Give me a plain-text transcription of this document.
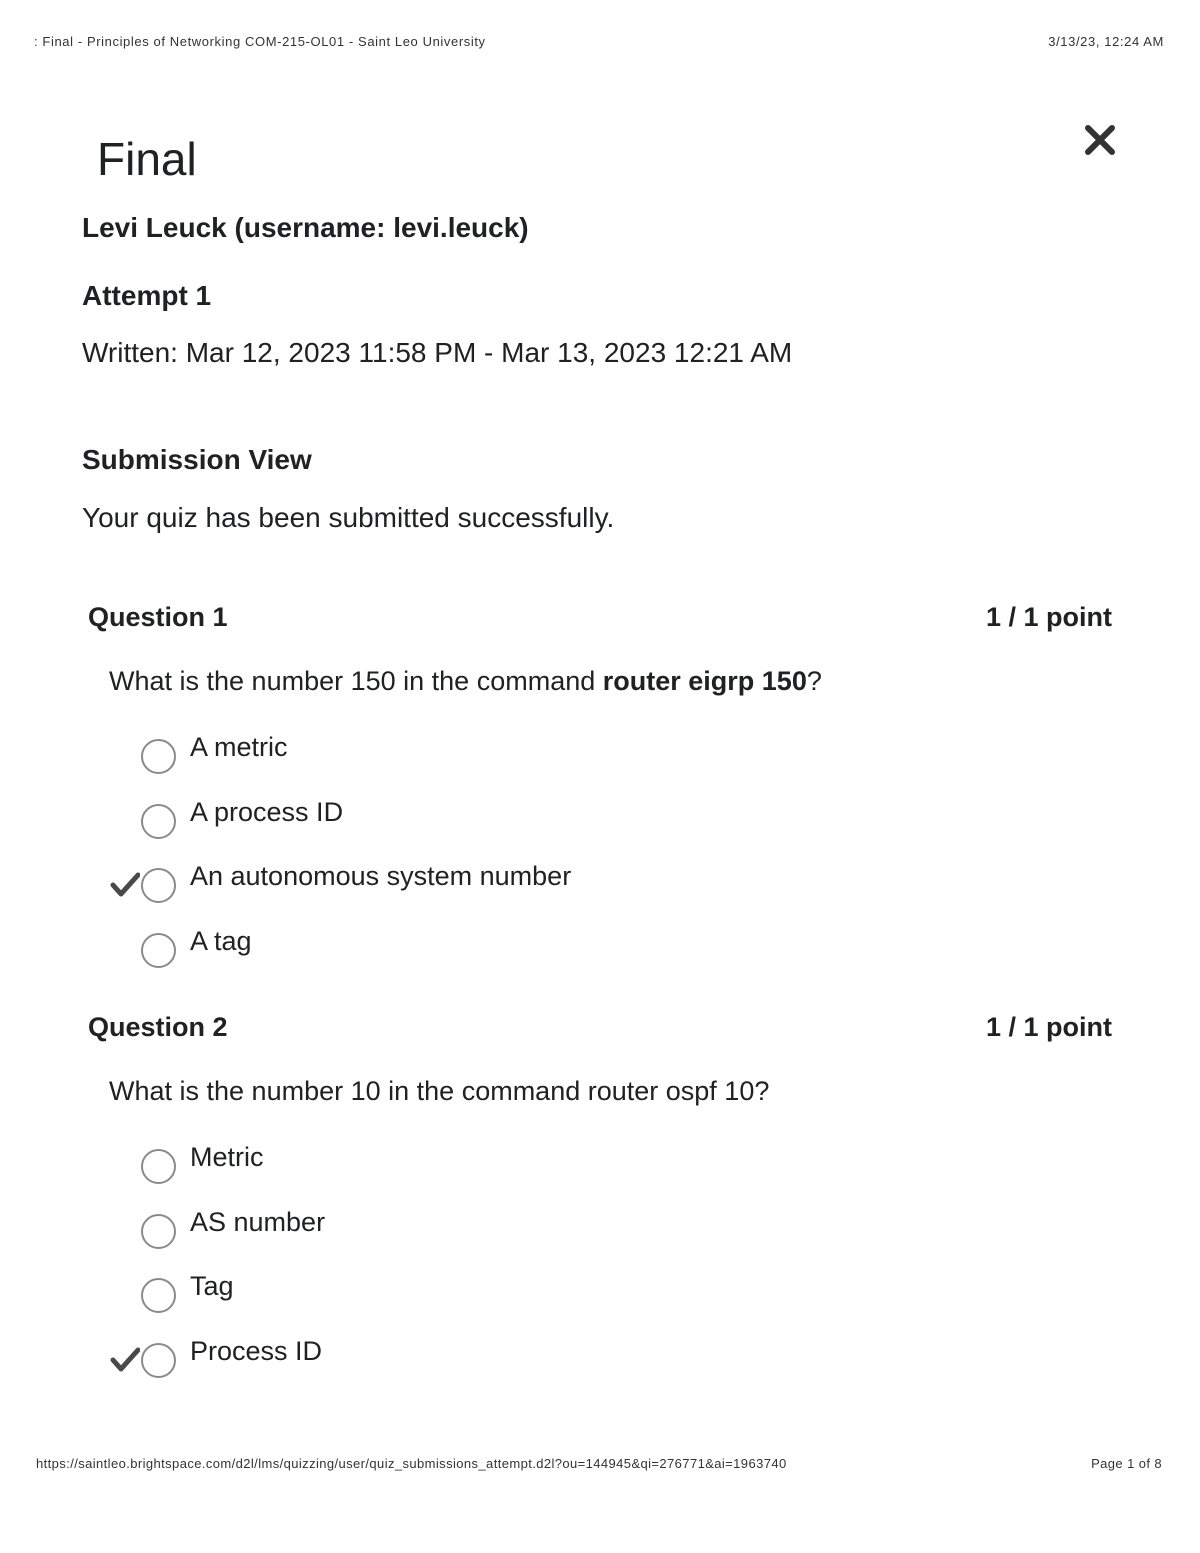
: Final - Principles of Networking COM-215-OL01 - Saint Leo University	3/13/23, 12:24 AM
Final
Levi Leuck (username: levi.leuck)
Attempt 1
Written: Mar 12, 2023 11:58 PM - Mar 13, 2023 12:21 AM
Submission View
Your quiz has been submitted successfully.
Question 1	1 / 1 point
What is the number 150 in the command router eigrp 150?
A metric
A process ID
An autonomous system number
A tag
Question 2	1 / 1 point
What is the number 10 in the command router ospf 10?
Metric
AS number
Tag
Process ID
https://saintleo.brightspace.com/d2l/lms/quizzing/user/quiz_submissions_attempt.d2l?ou=144945&qi=276771&ai=1963740	Page 1 of 8
